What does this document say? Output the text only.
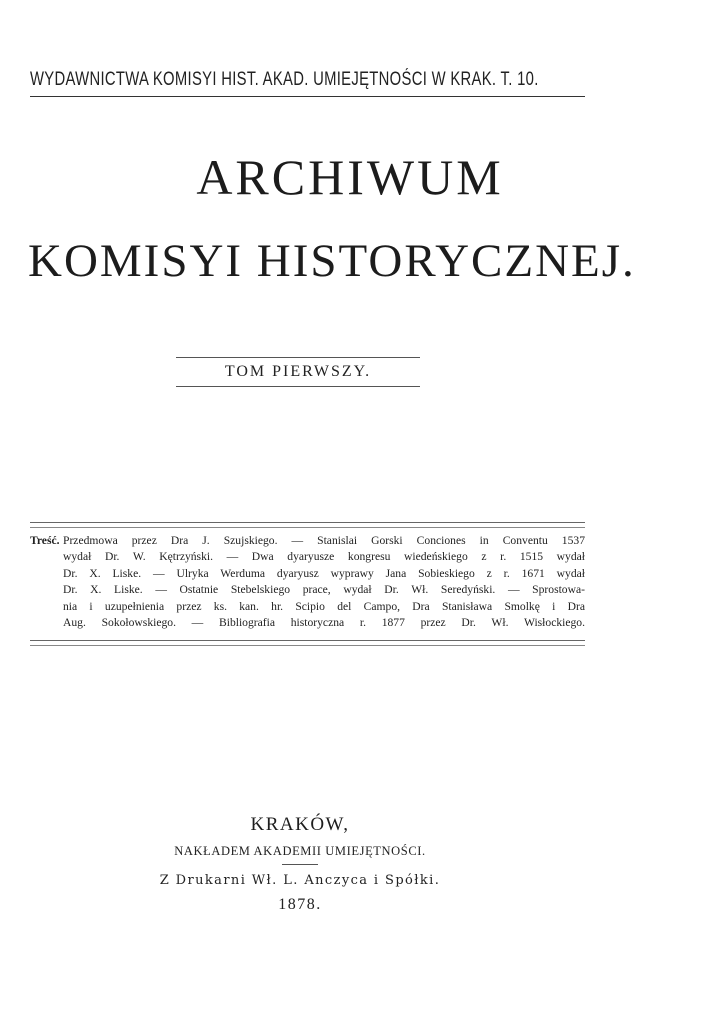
WYDAWNICTWA KOMISYI HIST. AKAD. UMIEJĘTNOŚCI W KRAK. T. 10.
ARCHIWUM
KOMISYI HISTORYCZNEJ.
TOM PIERWSZY.
Treść. Przedmowa przez Dra J. Szujskiego. — Stanislai Gorski Conciones in Conventu 1537
wydał Dr. W. Kętrzyński. — Dwa dyaryusze kongresu wiedeńskiego z r. 1515 wydał
Dr. X. Liske. — Ulryka Werduma dyaryusz wyprawy Jana Sobieskiego z r. 1671 wydał
Dr. X. Liske. — Ostatnie Stebelskiego prace, wydał Dr. Wł. Seredyński. — Sprostowa-
nia i uzupełnienia przez ks. kan. hr. Scipio del Campo, Dra Stanisława Smolkę i Dra
Aug. Sokołowskiego. — Bibliografia historyczna r. 1877 przez Dr. Wł. Wisłockiego.
KRAKÓW,
NAKŁADEM AKADEMII UMIEJĘTNOŚCI.
Z Drukarni Wł. L. Anczyca i Spółki.
1878.
